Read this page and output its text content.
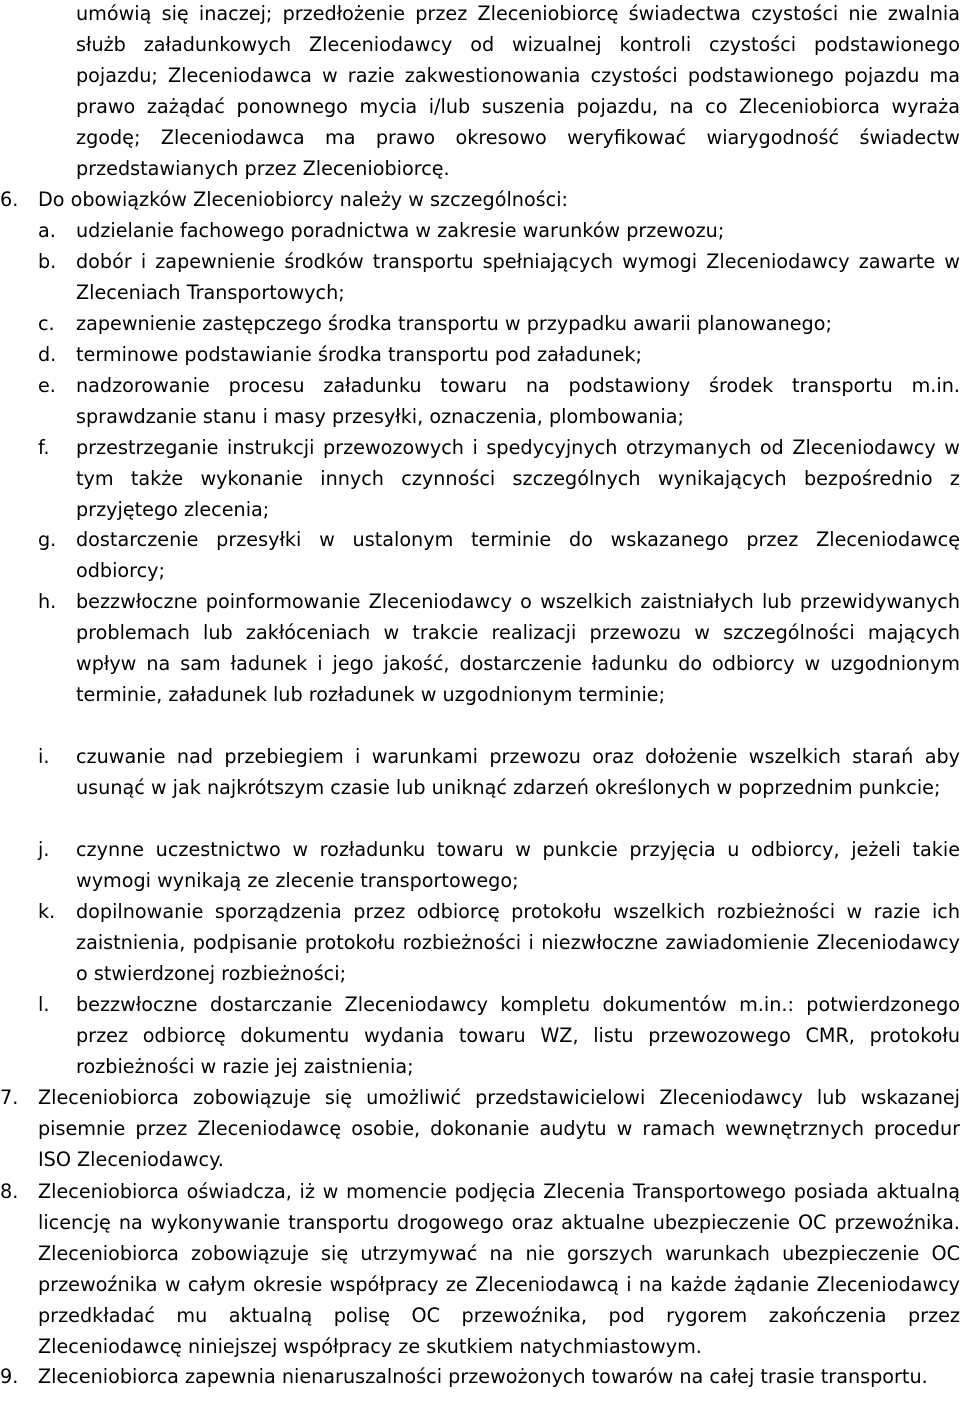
umówią się inaczej; przedłożenie przez Zleceniobiorcę świadectwa czystości nie zwalnia służb załadunkowych Zleceniodawcy od wizualnej kontroli czystości podstawionego pojazdu; Zleceniodawca w razie zakwestionowania czystości podstawionego pojazdu ma prawo zażądać ponownego mycia i/lub suszenia pojazdu, na co Zleceniobiorca wyraża zgodę; Zleceniodawca ma prawo okresowo weryfikować wiarygodność świadectw przedstawianych przez Zleceniobiorcę.
6. Do obowiązków Zleceniobiorcy należy w szczególności:
a. udzielanie fachowego poradnictwa w zakresie warunków przewozu;
b. dobór i zapewnienie środków transportu spełniających wymogi Zleceniodawcy zawarte w Zleceniach Transportowych;
c. zapewnienie zastępczego środka transportu w przypadku awarii planowanego;
d. terminowe podstawianie środka transportu pod załadunek;
e. nadzorowanie procesu załadunku towaru na podstawiony środek transportu m.in. sprawdzanie stanu i masy przesyłki, oznaczenia, plombowania;
f. przestrzeganie instrukcji przewozowych i spedycyjnych otrzymanych od Zleceniodawcy w tym także wykonanie innych czynności szczególnych wynikających bezpośrednio z przyjętego zlecenia;
g. dostarczenie przesyłki w ustalonym terminie do wskazanego przez Zleceniodawcę odbiorcy;
h. bezzwłoczne poinformowanie Zleceniodawcy o wszelkich zaistniałych lub przewidywanych problemach lub zakłóceniach w trakcie realizacji przewozu w szczególności mających wpływ na sam ładunek i jego jakość, dostarczenie ładunku do odbiorcy w uzgodnionym terminie, załadunek lub rozładunek w uzgodnionym terminie;
i. czuwanie nad przebiegiem i warunkami przewozu oraz dołożenie wszelkich starań aby usunąć w jak najkrótszym czasie lub uniknąć zdarzeń określonych w poprzednim punkcie;
j. czynne uczestnictwo w rozładunku towaru w punkcie przyjęcia u odbiorcy, jeżeli takie wymogi wynikają ze zlecenie transportowego;
k. dopilnowanie sporządzenia przez odbiorcę protokołu wszelkich rozbieżności w razie ich zaistnienia, podpisanie protokołu rozbieżności i niezwłoczne zawiadomienie Zleceniodawcy o stwierdzonej rozbieżności;
l. bezzwłoczne dostarczanie Zleceniodawcy kompletu dokumentów m.in.: potwierdzonego przez odbiorcę dokumentu wydania towaru WZ, listu przewozowego CMR, protokołu rozbieżności w razie jej zaistnienia;
7. Zleceniobiorca zobowiązuje się umożliwić przedstawicielowi Zleceniodawcy lub wskazanej pisemnie przez Zleceniodawcę osobie, dokonanie audytu w ramach wewnętrznych procedur ISO Zleceniodawcy.
8. Zleceniobiorca oświadcza, iż w momencie podjęcia Zlecenia Transportowego posiada aktualną licencję na wykonywanie transportu drogowego oraz aktualne ubezpieczenie OC przewoźnika. Zleceniobiorca zobowiązuje się utrzymywać na nie gorszych warunkach ubezpieczenie OC przewoźnika w całym okresie współpracy ze Zleceniodawcą i na każde żądanie Zleceniodawcy przedkładać mu aktualną polisę OC przewoźnika, pod rygorem zakończenia przez Zleceniodawcę niniejszej współpracy ze skutkiem natychmiastowym.
9. Zleceniobiorca zapewnia nienaruszalności przewożonych towarów na całej trasie transportu.
